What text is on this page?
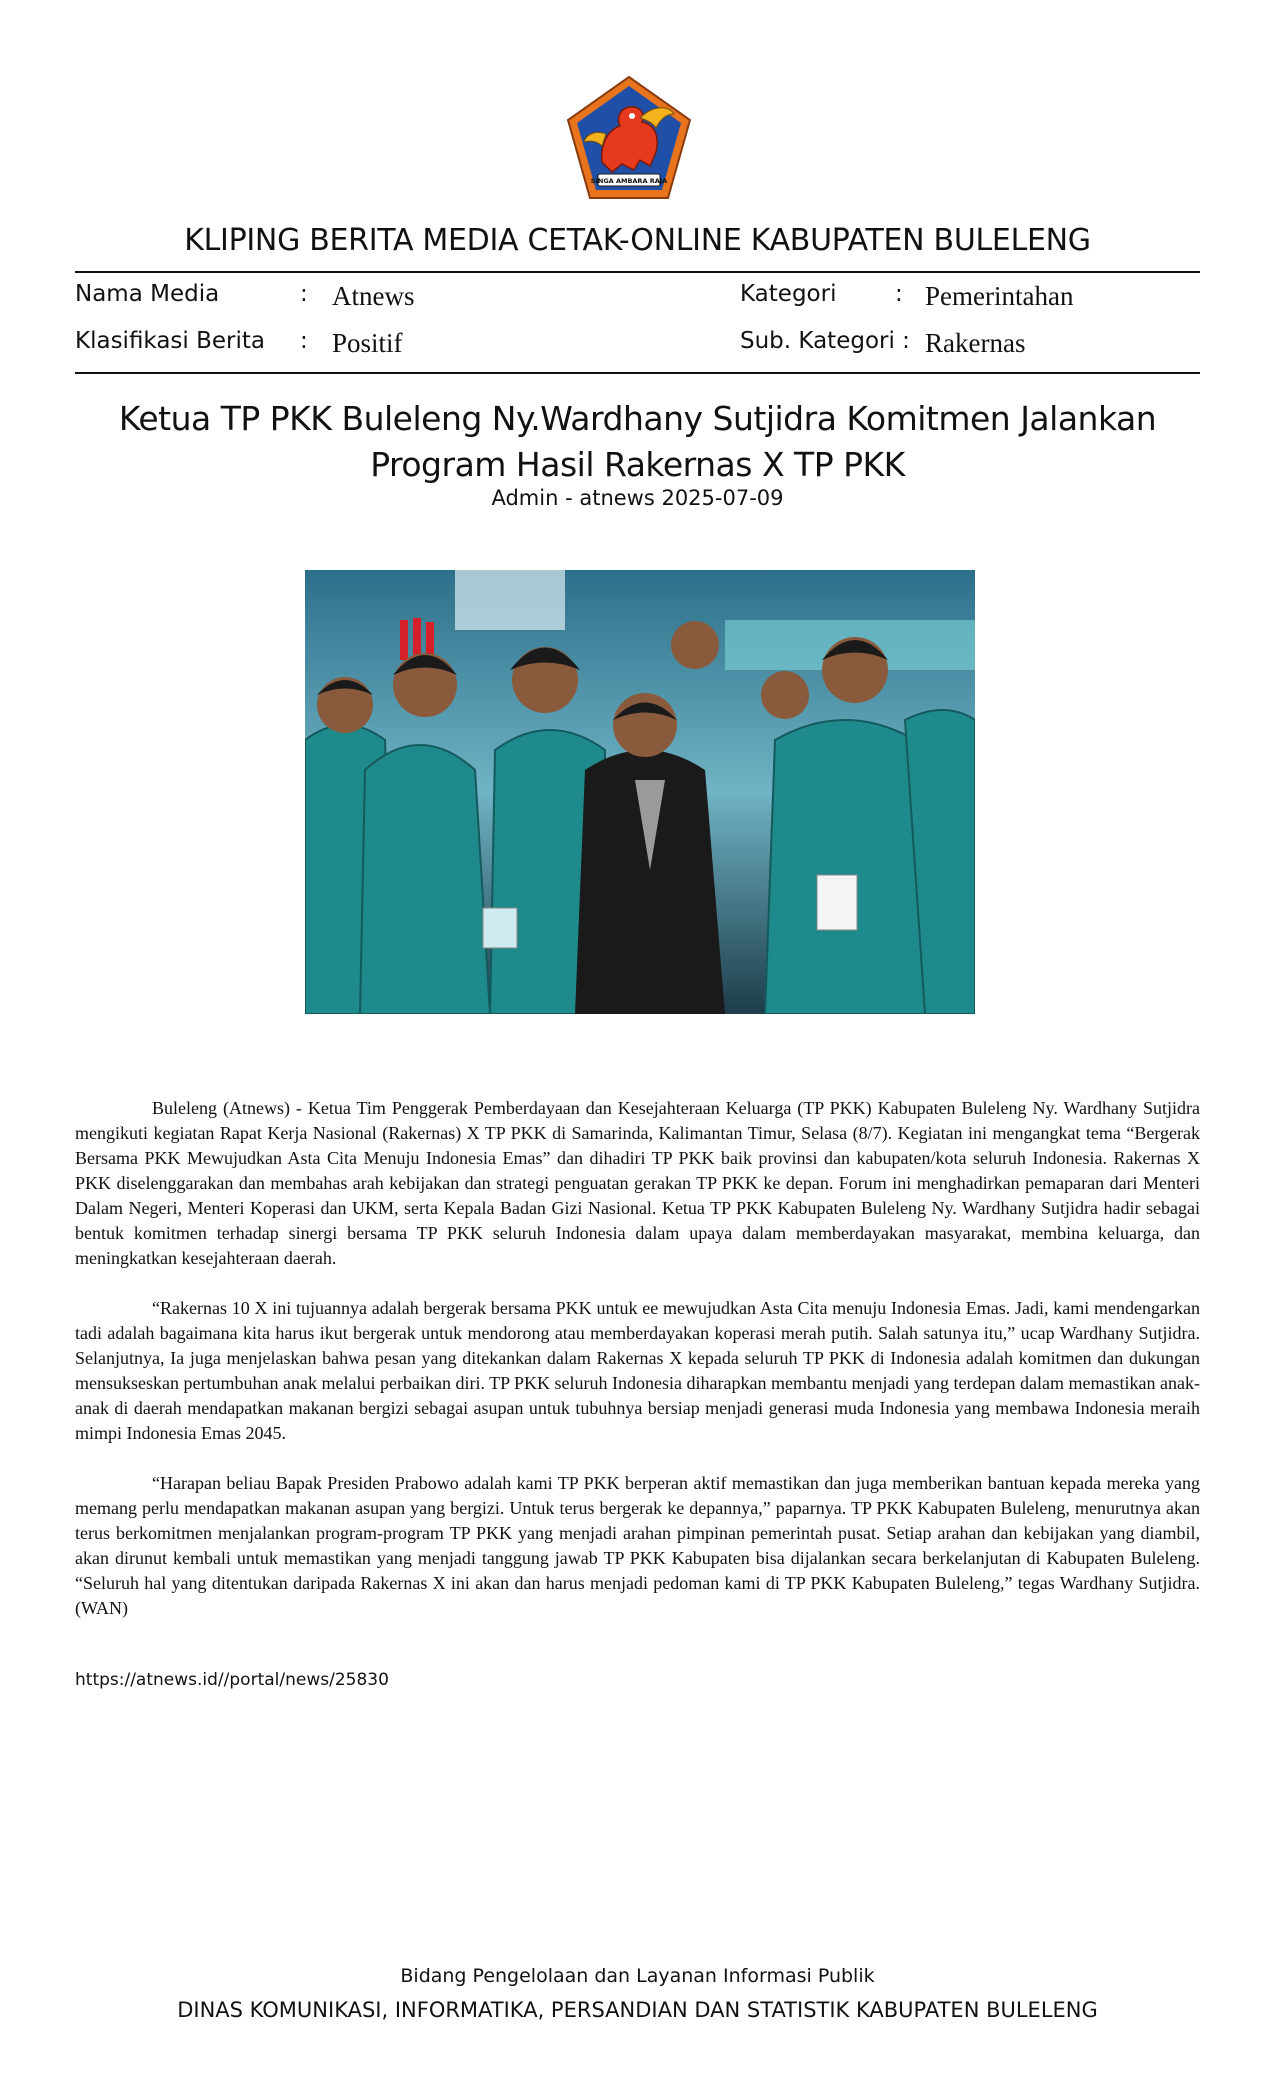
SINGA AMBARA RAJA
KLIPING BERITA MEDIA CETAK-ONLINE KABUPATEN BULELENG
Nama Media	: Atnews	Kategori	: Pemerintahan
Klasifikasi Berita : Positif	Sub. Kategori : Rakernas
Ketua TP PKK Buleleng Ny.Wardhany Sutjidra Komitmen Jalankan Program Hasil Rakernas X TP PKK
Admin - atnews 2025-07-09

Buleleng (Atnews) - Ketua Tim Penggerak Pemberdayaan dan Kesejahteraan Keluarga (TP PKK) Kabupaten Buleleng Ny. Wardhany Sutjidra mengikuti kegiatan Rapat Kerja Nasional (Rakernas) X TP PKK di Samarinda, Kalimantan Timur, Selasa (8/7). Kegiatan ini mengangkat tema “Bergerak Bersama PKK Mewujudkan Asta Cita Menuju Indonesia Emas” dan dihadiri TP PKK baik provinsi dan kabupaten/kota seluruh Indonesia. Rakernas X PKK diselenggarakan dan membahas arah kebijakan dan strategi penguatan gerakan TP PKK ke depan. Forum ini menghadirkan pemaparan dari Menteri Dalam Negeri, Menteri Koperasi dan UKM, serta Kepala Badan Gizi Nasional. Ketua TP PKK Kabupaten Buleleng Ny. Wardhany Sutjidra hadir sebagai bentuk komitmen terhadap sinergi bersama TP PKK seluruh Indonesia dalam upaya dalam memberdayakan masyarakat, membina keluarga, dan meningkatkan kesejahteraan daerah.

“Rakernas 10 X ini tujuannya adalah bergerak bersama PKK untuk ee mewujudkan Asta Cita menuju Indonesia Emas. Jadi, kami mendengarkan tadi adalah bagaimana kita harus ikut bergerak untuk mendorong atau memberdayakan koperasi merah putih. Salah satunya itu,” ucap Wardhany Sutjidra. Selanjutnya, Ia juga menjelaskan bahwa pesan yang ditekankan dalam Rakernas X kepada seluruh TP PKK di Indonesia adalah komitmen dan dukungan mensukseskan pertumbuhan anak melalui perbaikan diri. TP PKK seluruh Indonesia diharapkan membantu menjadi yang terdepan dalam memastikan anak-anak di daerah mendapatkan makanan bergizi sebagai asupan untuk tubuhnya bersiap menjadi generasi muda Indonesia yang membawa Indonesia meraih mimpi Indonesia Emas 2045.

“Harapan beliau Bapak Presiden Prabowo adalah kami TP PKK berperan aktif memastikan dan juga memberikan bantuan kepada mereka yang memang perlu mendapatkan makanan asupan yang bergizi. Untuk terus bergerak ke depannya,” paparnya. TP PKK Kabupaten Buleleng, menurutnya akan terus berkomitmen menjalankan program-program TP PKK yang menjadi arahan pimpinan pemerintah pusat. Setiap arahan dan kebijakan yang diambil, akan dirunut kembali untuk memastikan yang menjadi tanggung jawab TP PKK Kabupaten bisa dijalankan secara berkelanjutan di Kabupaten Buleleng. “Seluruh hal yang ditentukan daripada Rakernas X ini akan dan harus menjadi pedoman kami di TP PKK Kabupaten Buleleng,” tegas Wardhany Sutjidra. (WAN)

https://atnews.id//portal/news/25830
Bidang Pengelolaan dan Layanan Informasi Publik
DINAS KOMUNIKASI, INFORMATIKA, PERSANDIAN DAN STATISTIK KABUPATEN BULELENG
